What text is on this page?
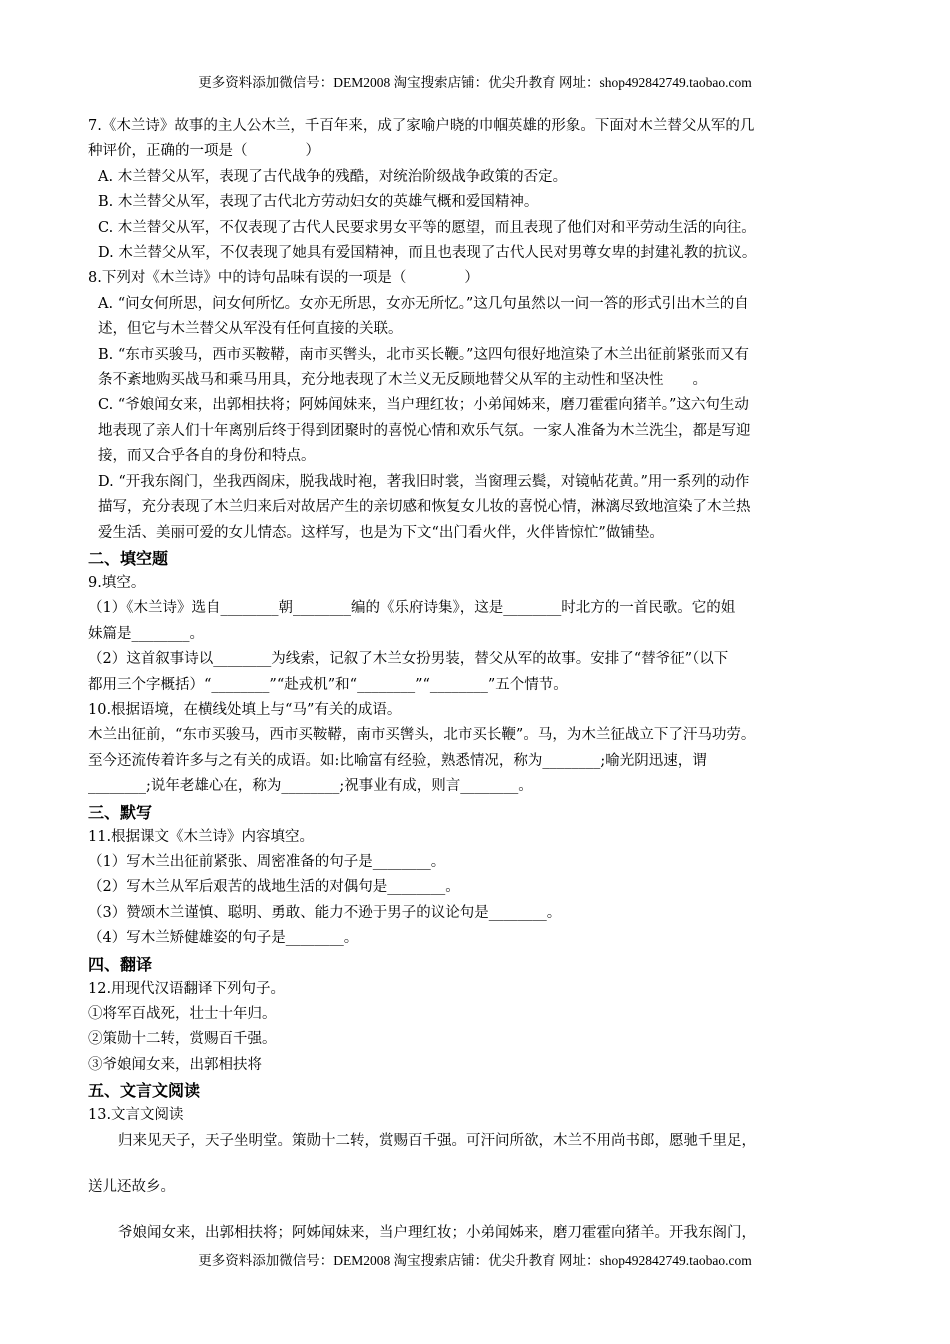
更多资料添加微信号：DEM2008 淘宝搜索店铺：优尖升教育 网址：shop492842749.taobao.com
7.《木兰诗》故事的主人公木兰，千百年来，成了家喻户晓的巾帼英雄的形象。下面对木兰替父从军的几
种评价，正确的一项是（　　　　）
A. 木兰替父从军，表现了古代战争的残酷，对统治阶级战争政策的否定。
B. 木兰替父从军，表现了古代北方劳动妇女的英雄气概和爱国精神。
C. 木兰替父从军，不仅表现了古代人民要求男女平等的愿望，而且表现了他们对和平劳动生活的向往。
D. 木兰替父从军，不仅表现了她具有爱国精神，而且也表现了古代人民对男尊女卑的封建礼教的抗议。
8.下列对《木兰诗》中的诗句品味有误的一项是（　　　　）
A. “问女何所思，问女何所忆。女亦无所思，女亦无所忆。”这几句虽然以一问一答的形式引出木兰的自
述，但它与木兰替父从军没有任何直接的关联。
B. “东市买骏马，西市买鞍鞯，南市买辔头，北市买长鞭。”这四句很好地渲染了木兰出征前紧张而又有
条不紊地购买战马和乘马用具，充分地表现了木兰义无反顾地替父从军的主动性和坚决性　　。
C. “爷娘闻女来，出郭相扶将；阿姊闻妹来，当户理红妆；小弟闻姊来，磨刀霍霍向猪羊。”这六句生动
地表现了亲人们十年离别后终于得到团聚时的喜悦心情和欢乐气氛。一家人准备为木兰洗尘，都是写迎
接，而又合乎各自的身份和特点。
D. “开我东阁门，坐我西阁床，脱我战时袍，著我旧时裳，当窗理云鬓，对镜帖花黄。”用一系列的动作
描写，充分表现了木兰归来后对故居产生的亲切感和恢复女儿妆的喜悦心情，淋漓尽致地渲染了木兰热
爱生活、美丽可爱的女儿情态。这样写，也是为下文“出门看火伴，火伴皆惊忙”做铺垫。
二、填空题
9.填空。
（1）《木兰诗》选自________朝________编的《乐府诗集》，这是________时北方的一首民歌。它的姐
妹篇是________。
（2）这首叙事诗以________为线索，记叙了木兰女扮男装，替父从军的故事。安排了“替爷征”（以下
都用三个字概括）“________”“赴戎机”和“________”“________”五个情节。
10.根据语境，在横线处填上与“马”有关的成语。
木兰出征前，“东市买骏马，西市买鞍鞯，南市买辔头，北市买长鞭”。马，为木兰征战立下了汗马功劳。
至今还流传着许多与之有关的成语。如:比喻富有经验，熟悉情况，称为________;喻光阴迅速，谓
________;说年老雄心在，称为________;祝事业有成，则言________。
三、默写
11.根据课文《木兰诗》内容填空。
（1）写木兰出征前紧张、周密准备的句子是________。
（2）写木兰从军后艰苦的战地生活的对偶句是________。
（3）赞颂木兰谨慎、聪明、勇敢、能力不逊于男子的议论句是________。
（4）写木兰矫健雄姿的句子是________。
四、翻译
12.用现代汉语翻译下列句子。
①将军百战死，壮士十年归。
②策勋十二转，赏赐百千强。
③爷娘闻女来，出郭相扶将
五、文言文阅读
13.文言文阅读
归来见天子，天子坐明堂。策勋十二转，赏赐百千强。可汗问所欲，木兰不用尚书郎，愿驰千里足，
送儿还故乡。
爷娘闻女来，出郭相扶将；阿姊闻妹来，当户理红妆；小弟闻姊来，磨刀霍霍向猪羊。开我东阁门，
更多资料添加微信号：DEM2008 淘宝搜索店铺：优尖升教育 网址：shop492842749.taobao.com
